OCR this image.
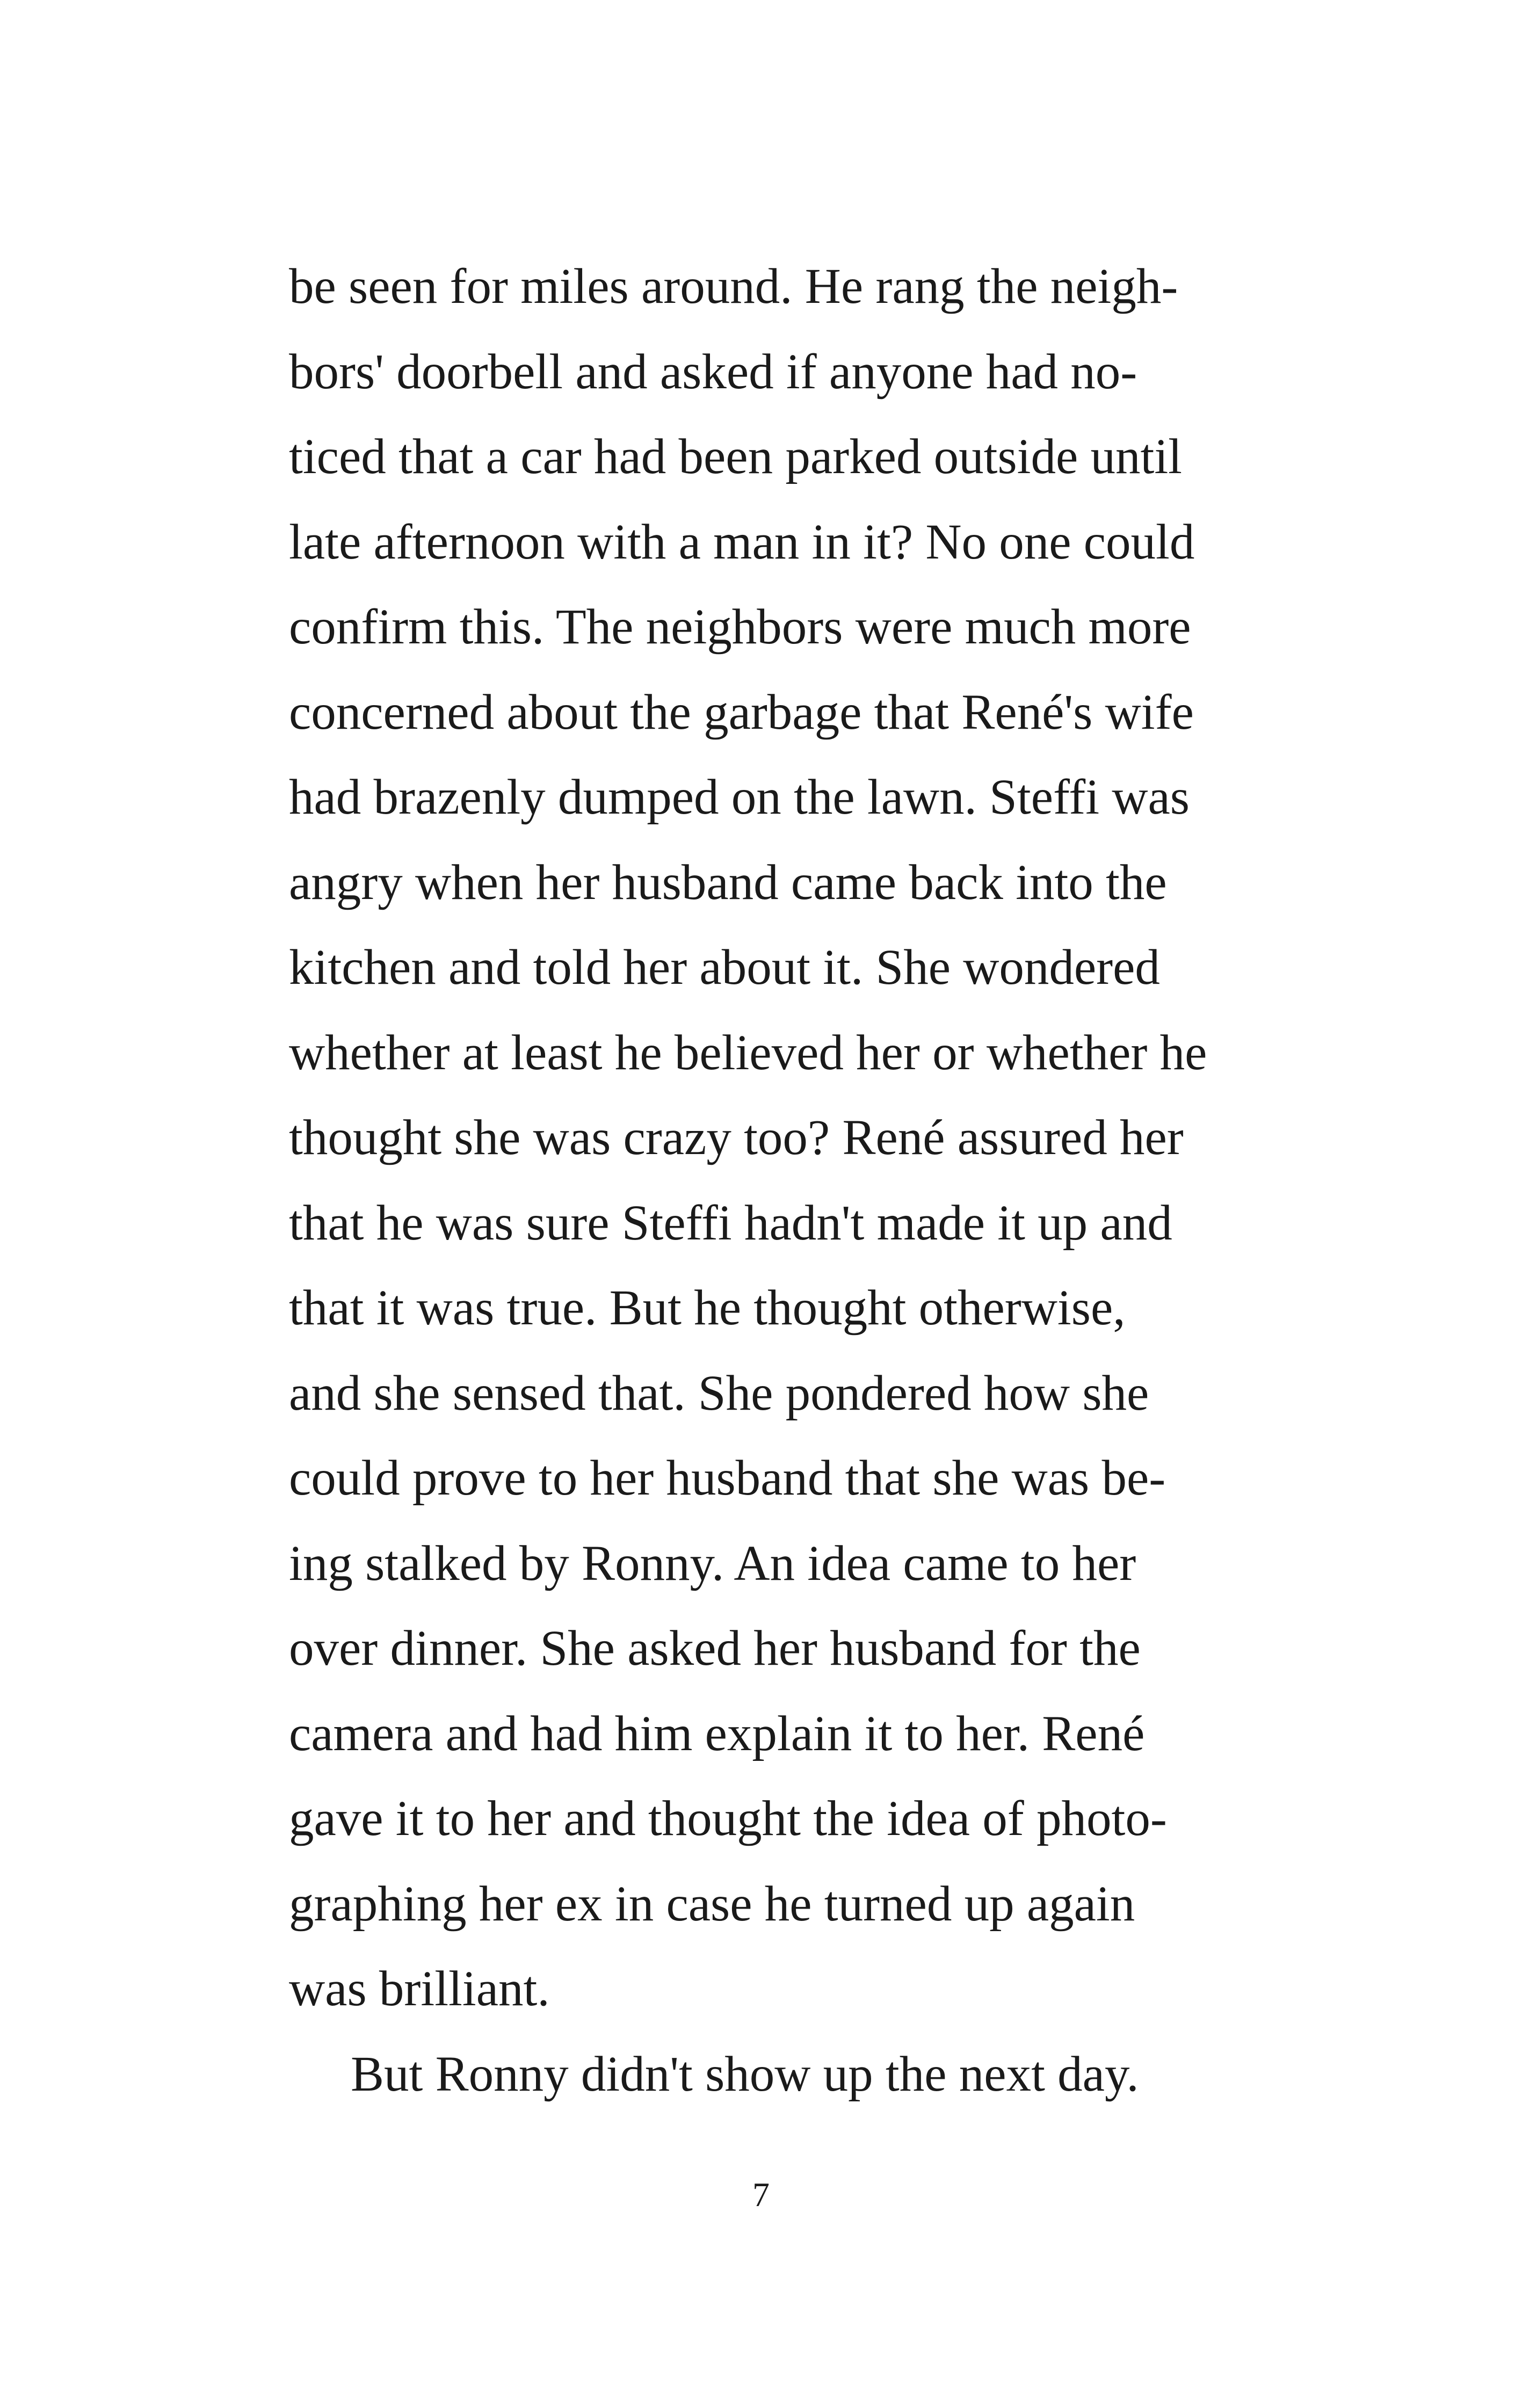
be seen for miles around. He rang the neigh-
bors' doorbell and asked if anyone had no-
ticed that a car had been parked outside until
late afternoon with a man in it? No one could
confirm this. The neighbors were much more
concerned about the garbage that René's wife
had brazenly dumped on the lawn. Steffi was
angry when her husband came back into the
kitchen and told her about it. She wondered
whether at least he believed her or whether he
thought she was crazy too? René assured her
that he was sure Steffi hadn't made it up and
that it was true. But he thought otherwise,
and she sensed that. She pondered how she
could prove to her husband that she was be-
ing stalked by Ronny. An idea came to her
over dinner. She asked her husband for the
camera and had him explain it to her. René
gave it to her and thought the idea of photo-
graphing her ex in case he turned up again
was brilliant.
But Ronny didn't show up the next day.
7
